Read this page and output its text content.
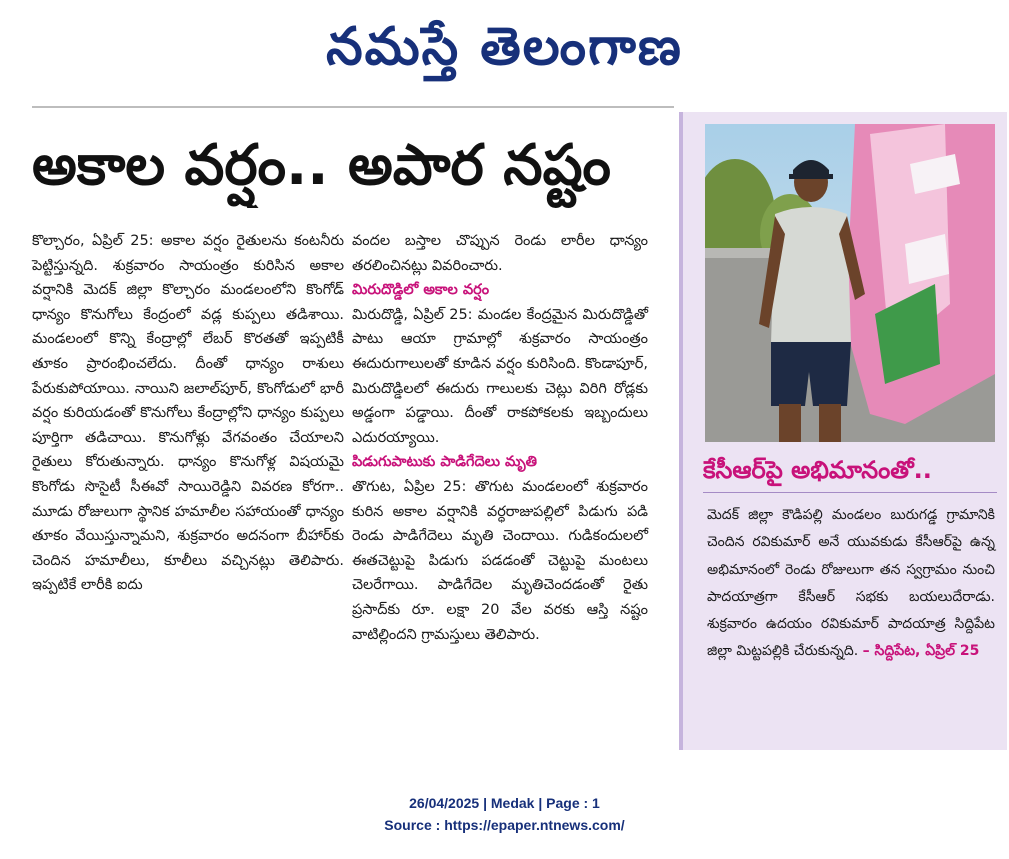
నమస్తే తెలంగాణ
అకాల వర్షం.. అపార నష్టం

కొల్చారం, ఏప్రిల్ 25: అకాల వర్షం రైతులను కంటనీరు పెట్టిస్తున్నది. శుక్రవారం సాయంత్రం కురిసిన అకాల వర్షానికి మెదక్ జిల్లా కొల్చారం మండలంలోని కొంగోడ్ ధాన్యం కొనుగోలు కేంద్రంలో వడ్ల కుప్పలు తడిశాయి. మండలంలో కొన్ని కేంద్రాల్లో లేబర్ కొరతతో ఇప్పటికీ తూకం ప్రారంభించలేదు. దీంతో ధాన్యం రాశులు పేరుకుపోయాయి. నాయిని జలాల్‌పూర్, కొంగోడులో భారీ వర్షం కురియడంతో కొనుగోలు కేంద్రాల్లోని ధాన్యం కుప్పలు పూర్తిగా తడిచాయి. కొనుగోళ్లు వేగవంతం చేయాలని రైతులు కోరుతున్నారు. ధాన్యం కొనుగోళ్ల విషయమై కొంగోడు సొసైటీ సీఈవో సాయిరెడ్డిని వివరణ కోరగా.. మూడు రోజులుగా స్థానిక హమాలీల సహాయంతో ధాన్యం తూకం వేయిస్తున్నామని, శుక్రవారం అదనంగా బీహార్‌కు చెందిన హమాలీలు, కూలీలు వచ్చినట్లు తెలిపారు. ఇప్పటికే లారీకి ఐదు

వందల బస్తాల చొప్పున రెండు లారీల ధాన్యం తరలించినట్లు వివరించారు.

మిరుదొడ్డిలో అకాల వర్షం

మిరుదొడ్డి, ఏప్రిల్ 25: మండల కేంద్రమైన మిరుదొడ్డితో పాటు ఆయా గ్రామాల్లో శుక్రవారం సాయంత్రం ఈదురుగాలులతో కూడిన వర్షం కురిసింది. కొండాపూర్, మిరుదొడ్డిలలో ఈదురు గాలులకు చెట్లు విరిగి రోడ్లకు అడ్డంగా పడ్డాయి. దీంతో రాకపోకలకు ఇబ్బందులు ఎదురయ్యాయి.

పిడుగుపాటుకు పాడిగేదెలు మృతి

తొగుట, ఏప్రిల 25: తొగుట మండలంలో శుక్రవారం కురిన అకాల వర్షానికి వర్ధరాజుపల్లిలో పిడుగు పడి రెండు పాడిగేదెలు మృతి చెందాయి. గుడికందులలో ఈతచెట్టుపై పిడుగు పడడంతో చెట్టుపై మంటలు చెలరేగాయి. పాడిగేదెల మృతిచెందడంతో రైతు ప్రసాద్‌కు రూ. లక్షా 20 వేల వరకు ఆస్తి నష్టం వాటిల్లిందని గ్రామస్తులు తెలిపారు.

కేసీఆర్‌పై అభిమానంతో..

మెదక్ జిల్లా కౌడిపల్లి మండలం బురుగడ్డ గ్రామానికి చెందిన రవికుమార్ అనే యువకుడు కేసీఆర్‌పై ఉన్న అభిమానంలో రెండు రోజులుగా తన స్వగ్రామం నుంచి పాదయాత్రగా కేసీఆర్ సభకు బయలుదేరాడు. శుక్రవారం ఉదయం రవికుమార్ పాదయాత్ర సిద్దిపేట జిల్లా మిట్టపల్లికి చేరుకున్నది. – సిద్దిపేట, ఏప్రిల్ 25

26/04/2025 | Medak | Page : 1
Source : https://epaper.ntnews.com/
